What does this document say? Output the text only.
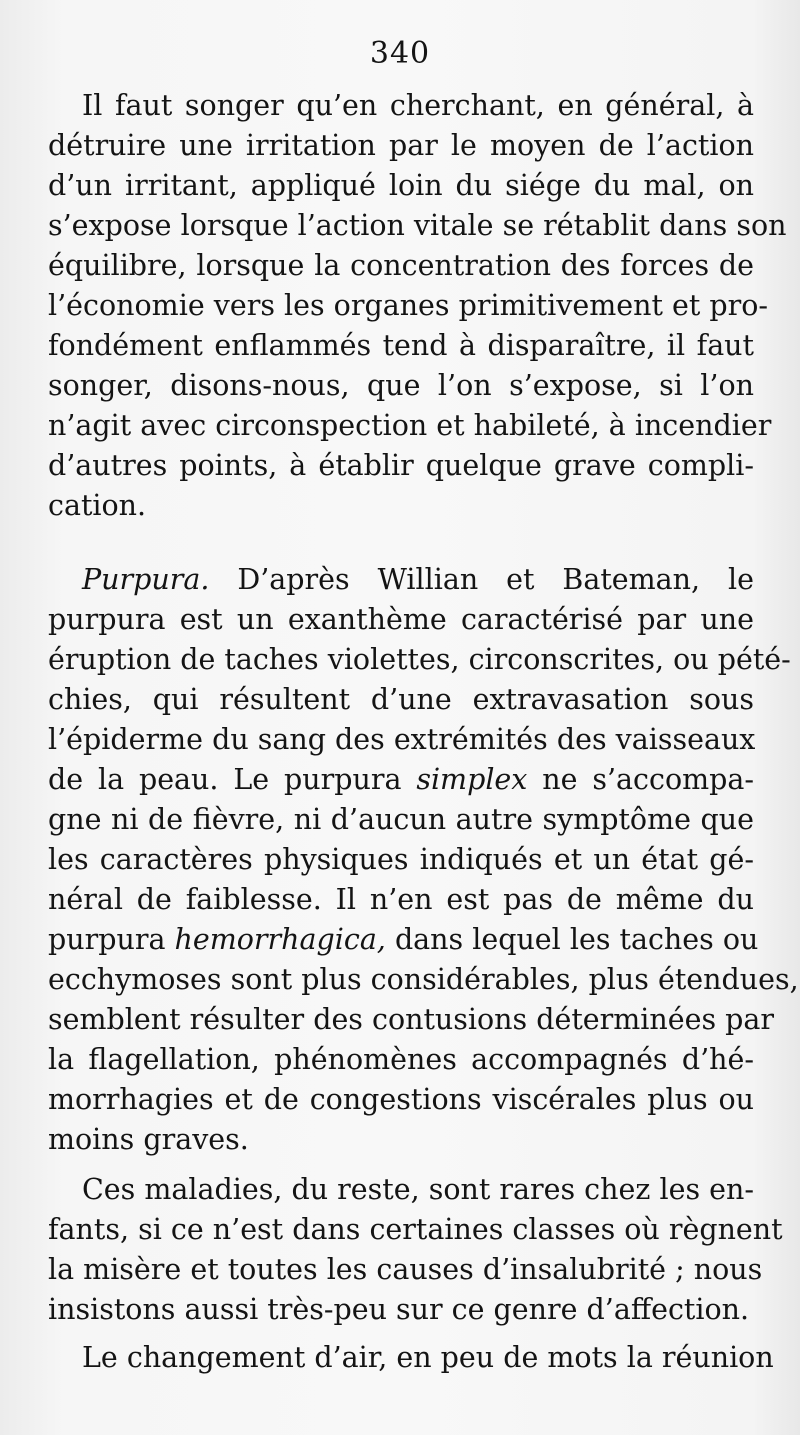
340

Il faut songer qu’en cherchant, en général, à

détruire une irritation par le moyen de l’action

d’un irritant, appliqué loin du siége du mal, on

s’expose lorsque l’action vitale se rétablit dans son

équilibre, lorsque la concentration des forces de

l’économie vers les organes primitivement et pro-

fondément enflammés tend à disparaître, il faut

songer, disons-nous, que l’on s’expose, si l’on

n’agit avec circonspection et habileté, à incendier

d’autres points, à établir quelque grave compli-

cation.

Purpura. D’après Willian et Bateman, le

purpura est un exanthème caractérisé par une

éruption de taches violettes, circonscrites, ou pété-

chies, qui résultent d’une extravasation sous

l’épiderme du sang des extrémités des vaisseaux

de la peau. Le purpura simplex ne s’accompa-

gne ni de fièvre, ni d’aucun autre symptôme que

les caractères physiques indiqués et un état gé-

néral de faiblesse. Il n’en est pas de même du

purpura hemorrhagica, dans lequel les taches ou

ecchymoses sont plus considérables, plus étendues,

semblent résulter des contusions déterminées par

la flagellation, phénomènes accompagnés d’hé-

morrhagies et de congestions viscérales plus ou

moins graves.

Ces maladies, du reste, sont rares chez les en-

fants, si ce n’est dans certaines classes où règnent

la misère et toutes les causes d’insalubrité ; nous

insistons aussi très-peu sur ce genre d’affection.

Le changement d’air, en peu de mots la réunion
